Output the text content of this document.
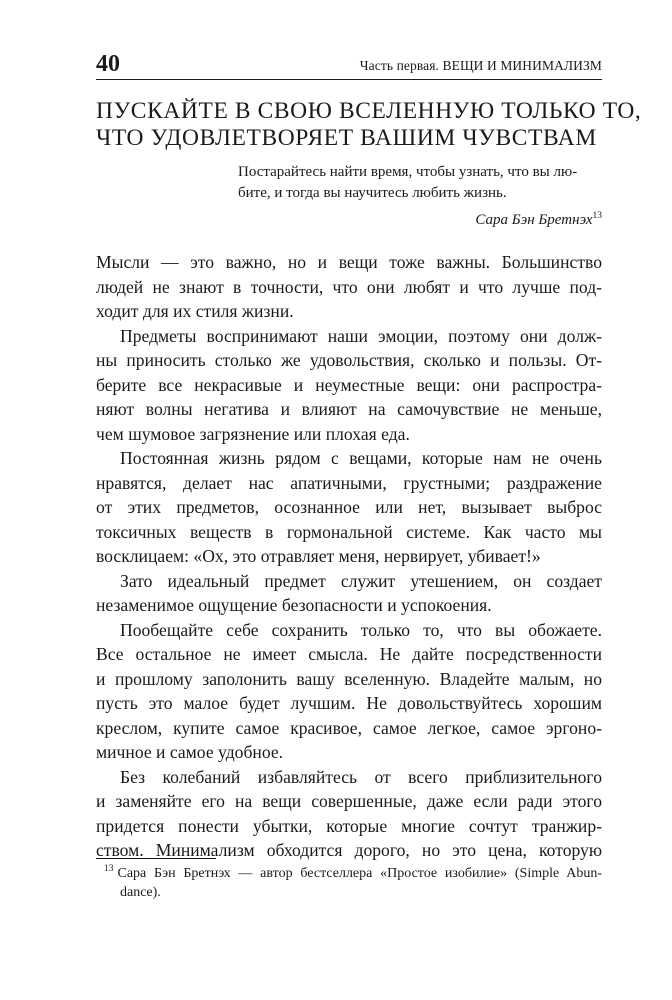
40	Часть первая. ВЕЩИ И МИНИМАЛИЗМ
ПУСКАЙТЕ В СВОЮ ВСЕЛЕННУЮ ТОЛЬКО ТО,
ЧТО УДОВЛЕТВОРЯЕТ ВАШИМ ЧУВСТВАМ

Постарайтесь найти время, чтобы узнать, что вы лю-
бите, и тогда вы научитесь любить жизнь.

Сара Бэн Бретнэх$^{13}$

Мысли — это важно, но и вещи тоже важны. Большинство
людей не знают в точности, что они любят и что лучше под-
ходит для их стиля жизни.

Предметы воспринимают наши эмоции, поэтому они долж-
ны приносить столько же удовольствия, сколько и пользы. От-
берите все некрасивые и неуместные вещи: они распростра-
няют волны негатива и влияют на самочувствие не меньше,
чем шумовое загрязнение или плохая еда.

Постоянная жизнь рядом с вещами, которые нам не очень
нравятся, делает нас апатичными, грустными; раздражение
от этих предметов, осознанное или нет, вызывает выброс
токсичных веществ в гормональной системе. Как часто мы
восклицаем: «Ох, это отравляет меня, нервирует, убивает!»

Зато идеальный предмет служит утешением, он создает
незаменимое ощущение безопасности и успокоения.

Пообещайте себе сохранить только то, что вы обожаете.
Все остальное не имеет смысла. Не дайте посредственности
и прошлому заполонить вашу вселенную. Владейте малым, но
пусть это малое будет лучшим. Не довольствуйтесь хорошим
креслом, купите самое красивое, самое легкое, самое эргоно-
мичное и самое удобное.

Без колебаний избавляйтесь от всего приблизительного
и заменяйте его на вещи совершенные, даже если ради этого
придется понести убытки, которые многие сочтут транжир-
ством. Минимализм обходится дорого, но это цена, которую

$^{13}$ Сара Бэн Бретнэх — автор бестселлера «Простое изобилие» (Simple Abun-
dance).
